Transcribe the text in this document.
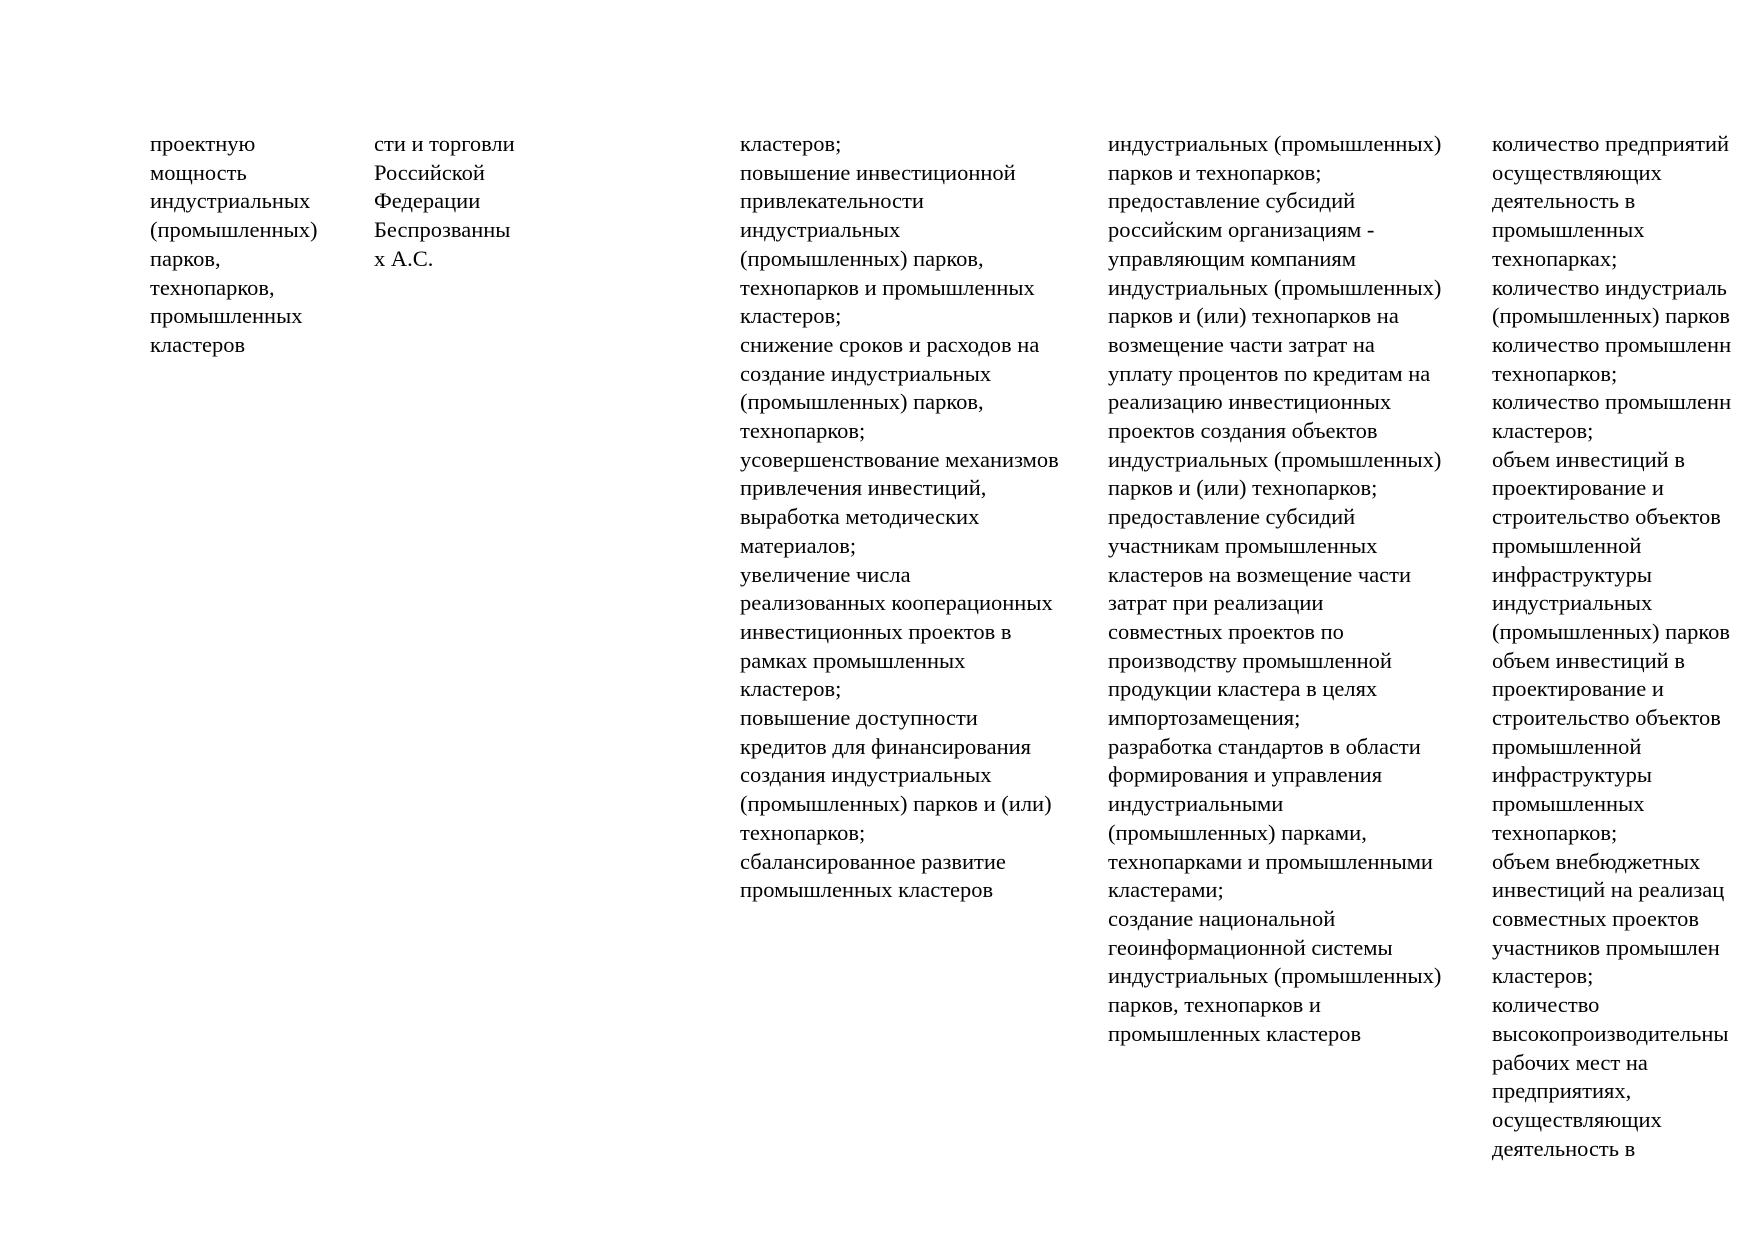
проектную
мощность
индустриальных
(промышленных)
парков,
технопарков,
промышленных
кластеров

сти и торговли
Российской
Федерации
Беспрозванны
х А.С.

кластеров;
повышение инвестиционной
привлекательности
индустриальных
(промышленных) парков,
технопарков и промышленных
кластеров;
снижение сроков и расходов на
создание индустриальных
(промышленных) парков,
технопарков;
усовершенствование механизмов
привлечения инвестиций,
выработка методических
материалов;
увеличение числа
реализованных кооперационных
инвестиционных проектов в
рамках промышленных
кластеров;
повышение доступности
кредитов для финансирования
создания индустриальных
(промышленных) парков и (или)
технопарков;
сбалансированное развитие
промышленных кластеров

индустриальных (промышленных)
парков и технопарков;
предоставление субсидий
российским организациям -
управляющим компаниям
индустриальных (промышленных)
парков и (или) технопарков на
возмещение части затрат на
уплату процентов по кредитам на
реализацию инвестиционных
проектов создания объектов
индустриальных (промышленных)
парков и (или) технопарков;
предоставление субсидий
участникам промышленных
кластеров на возмещение части
затрат при реализации
совместных проектов по
производству промышленной
продукции кластера в целях
импортозамещения;
разработка стандартов в области
формирования и управления
индустриальными
(промышленных) парками,
технопарками и промышленными
кластерами;
создание национальной
геоинформационной системы
индустриальных (промышленных)
парков, технопарков и
промышленных кластеров

количество предприятий
осуществляющих
деятельность в
промышленных
технопарках;
количество индустриаль
(промышленных) парков
количество промышленн
технопарков;
количество промышленн
кластеров;
объем инвестиций в
проектирование и
строительство объектов
промышленной
инфраструктуры
индустриальных
(промышленных) парков
объем инвестиций в
проектирование и
строительство объектов
промышленной
инфраструктуры
промышленных
технопарков;
объем внебюджетных
инвестиций на реализац
совместных проектов
участников промышлен
кластеров;
количество
высокопроизводительны
рабочих мест на
предприятиях,
осуществляющих
деятельность в
